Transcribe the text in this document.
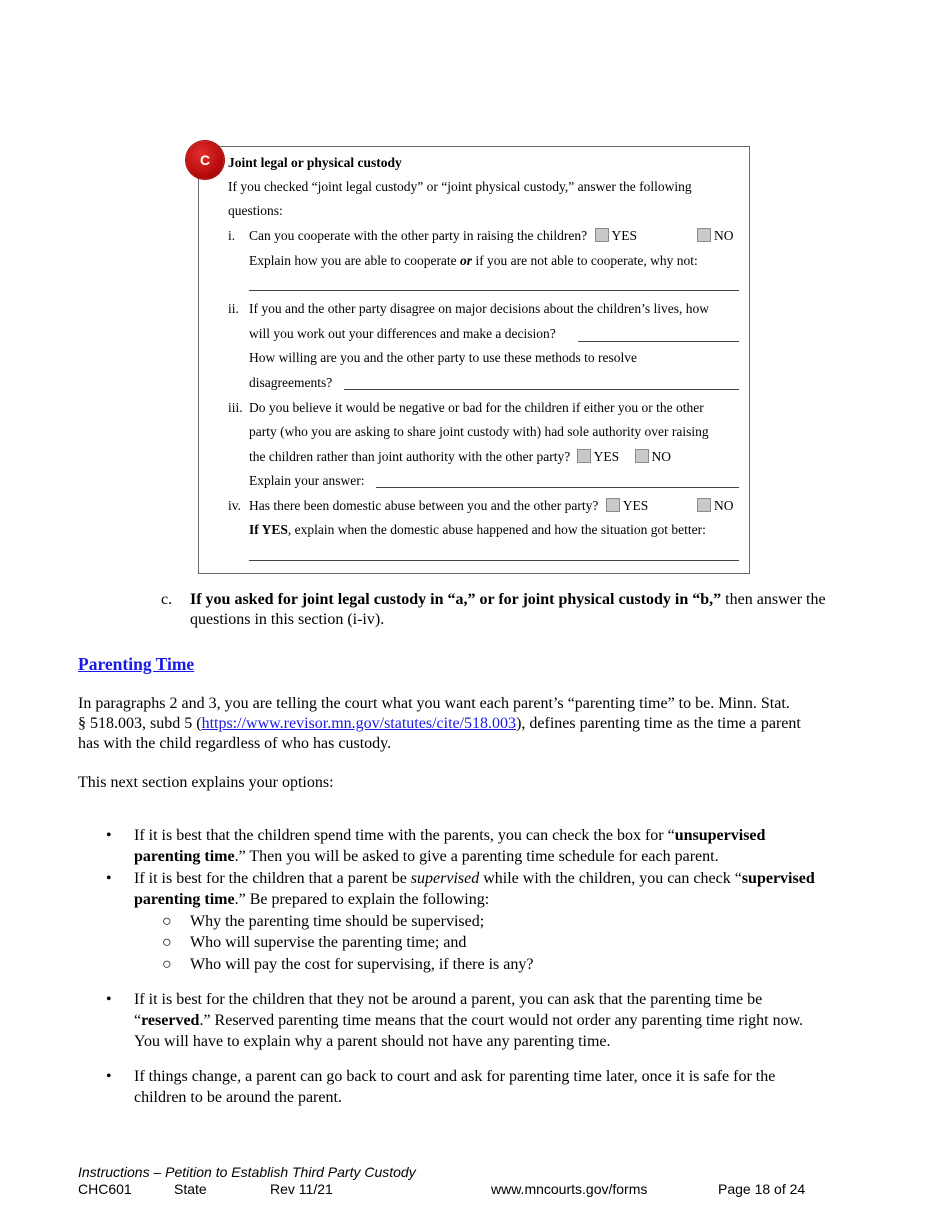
C Joint legal or physical custody
If you checked “joint legal custody” or “joint physical custody,” answer the following
questions:
i. Can you cooperate with the other party in raising the children? YES	NO
Explain how you are able to cooperate or if you are not able to cooperate, why not:
ii. If you and the other party disagree on major decisions about the children’s lives, how
will you work out your differences and make a decision?
How willing are you and the other party to use these methods to resolve
disagreements?
iii. Do you believe it would be negative or bad for the children if either you or the other
party (who you are asking to share joint custody with) had sole authority over raising
the children rather than joint authority with the other party? YES NO
Explain your answer:
iv. Has there been domestic abuse between you and the other party? YES	NO
If YES, explain when the domestic abuse happened and how the situation got better:
c. If you asked for joint legal custody in “a,” or for joint physical custody in “b,” then answer the
questions in this section (i-iv).
Parenting Time
In paragraphs 2 and 3, you are telling the court what you want each parent’s “parenting time” to be. Minn. Stat.
§ 518.003, subd 5 (https://www.revisor.mn.gov/statutes/cite/518.003), defines parenting time as the time a parent
has with the child regardless of who has custody.
This next section explains your options:
• If it is best that the children spend time with the parents, you can check the box for “unsupervised
parenting time.” Then you will be asked to give a parenting time schedule for each parent.
• If it is best for the children that a parent be supervised while with the children, you can check “supervised
parenting time.” Be prepared to explain the following:
○ Why the parenting time should be supervised;
○ Who will supervise the parenting time; and
○ Who will pay the cost for supervising, if there is any?
• If it is best for the children that they not be around a parent, you can ask that the parenting time be
“reserved.” Reserved parenting time means that the court would not order any parenting time right now.
You will have to explain why a parent should not have any parenting time.
• If things change, a parent can go back to court and ask for parenting time later, once it is safe for the
children to be around the parent.
Instructions – Petition to Establish Third Party Custody
CHC601	State	Rev 11/21	www.mncourts.gov/forms	Page 18 of 24
